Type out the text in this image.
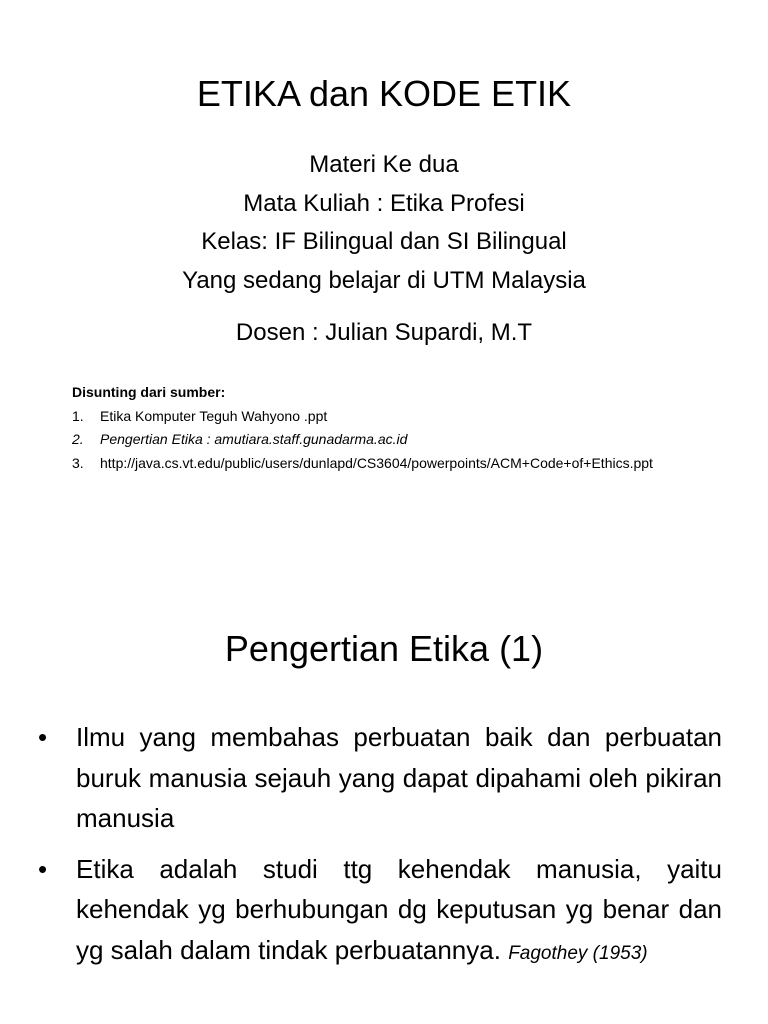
ETIKA dan KODE ETIK
Materi Ke dua
Mata Kuliah : Etika Profesi
Kelas: IF Bilingual dan SI Bilingual
Yang sedang belajar di UTM Malaysia
Dosen : Julian Supardi, M.T
Disunting dari sumber:
1. Etika Komputer Teguh Wahyono .ppt
2. Pengertian Etika : amutiara.staff.gunadarma.ac.id
3. http://java.cs.vt.edu/public/users/dunlapd/CS3604/powerpoints/ACM+Code+of+Ethics.ppt
Pengertian Etika (1)
• Ilmu yang membahas perbuatan baik dan perbuatan buruk manusia sejauh yang dapat dipahami oleh pikiran manusia
• Etika adalah studi ttg kehendak manusia, yaitu kehendak yg berhubungan dg keputusan yg benar dan yg salah dalam tindak perbuatannya. Fagothey (1953)
